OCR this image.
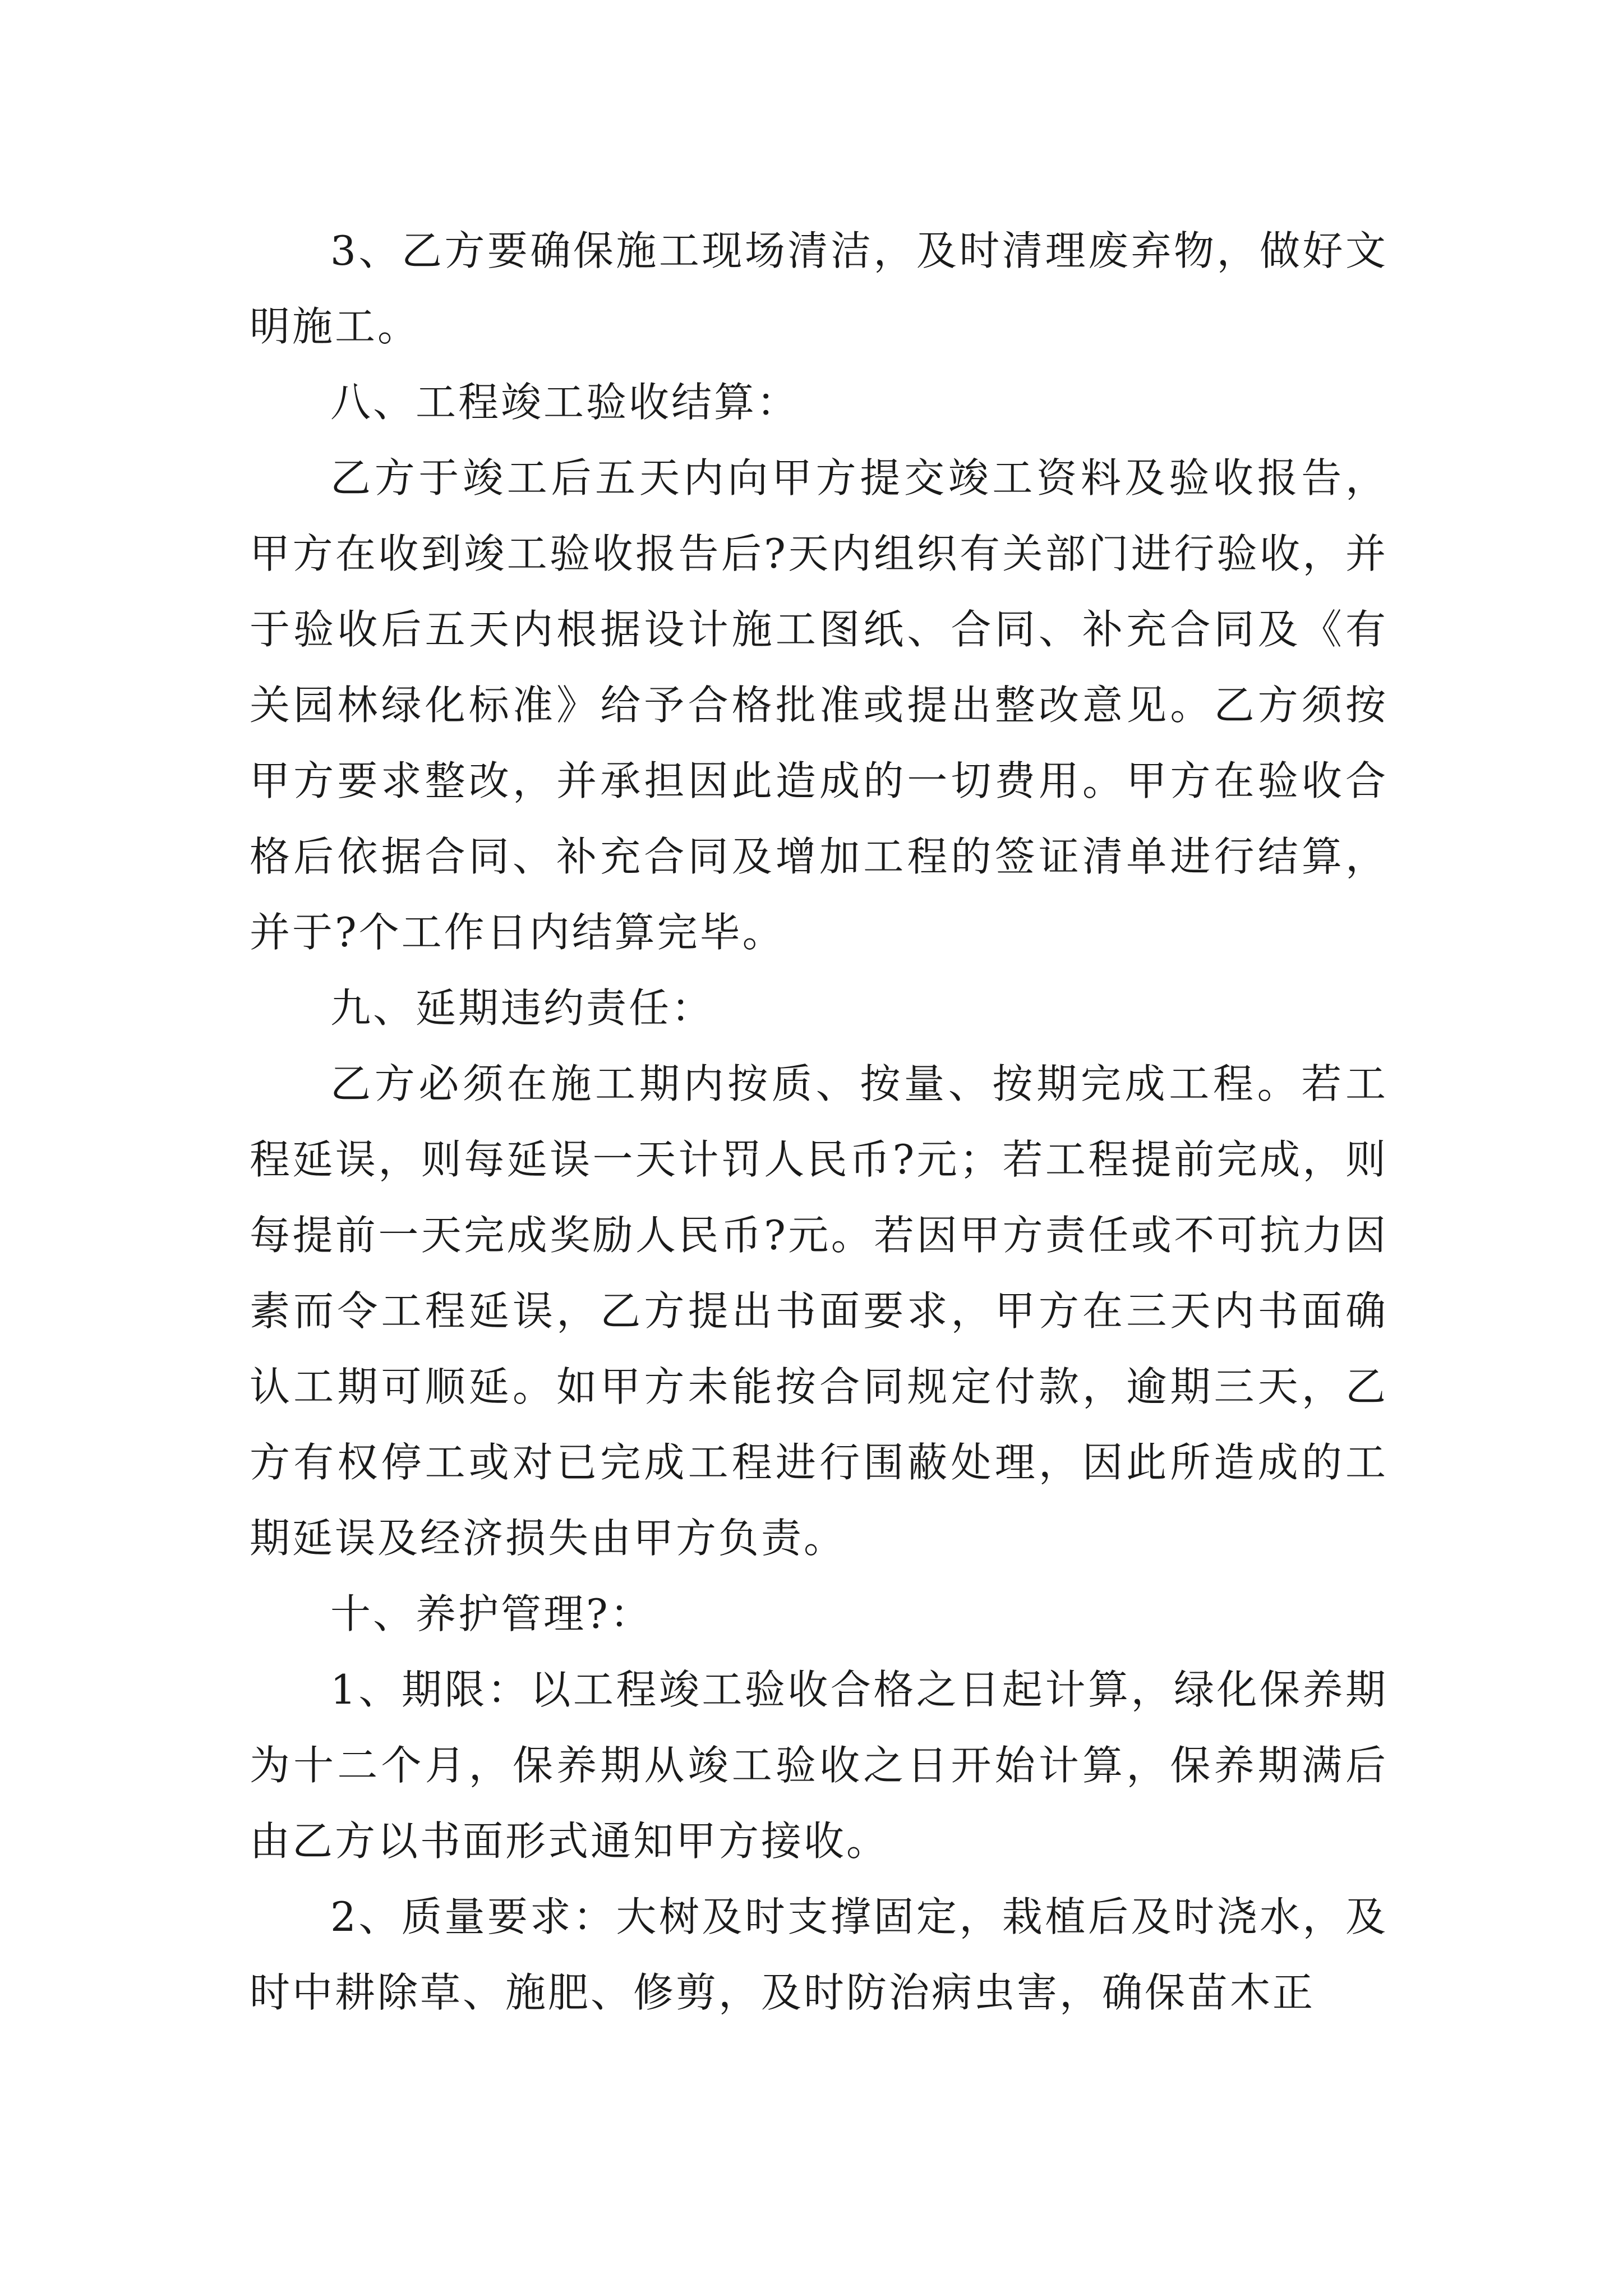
3、乙方要确保施工现场清洁，及时清理废弃物，做好文明施工。

八、工程竣工验收结算：

乙方于竣工后五天内向甲方提交竣工资料及验收报告，甲方在收到竣工验收报告后?天内组织有关部门进行验收，并于验收后五天内根据设计施工图纸、合同、补充合同及《有关园林绿化标准》给予合格批准或提出整改意见。乙方须按甲方要求整改，并承担因此造成的一切费用。甲方在验收合格后依据合同、补充合同及增加工程的签证清单进行结算，并于?个工作日内结算完毕。

九、延期违约责任：

乙方必须在施工期内按质、按量、按期完成工程。若工程延误，则每延误一天计罚人民币?元；若工程提前完成，则每提前一天完成奖励人民币?元。若因甲方责任或不可抗力因素而令工程延误，乙方提出书面要求，甲方在三天内书面确认工期可顺延。如甲方未能按合同规定付款，逾期三天，乙方有权停工或对已完成工程进行围蔽处理，因此所造成的工期延误及经济损失由甲方负责。

十、养护管理?：

1、期限：以工程竣工验收合格之日起计算，绿化保养期为十二个月，保养期从竣工验收之日开始计算，保养期满后由乙方以书面形式通知甲方接收。

2、质量要求：大树及时支撑固定，栽植后及时浇水，及时中耕除草、施肥、修剪，及时防治病虫害，确保苗木正
